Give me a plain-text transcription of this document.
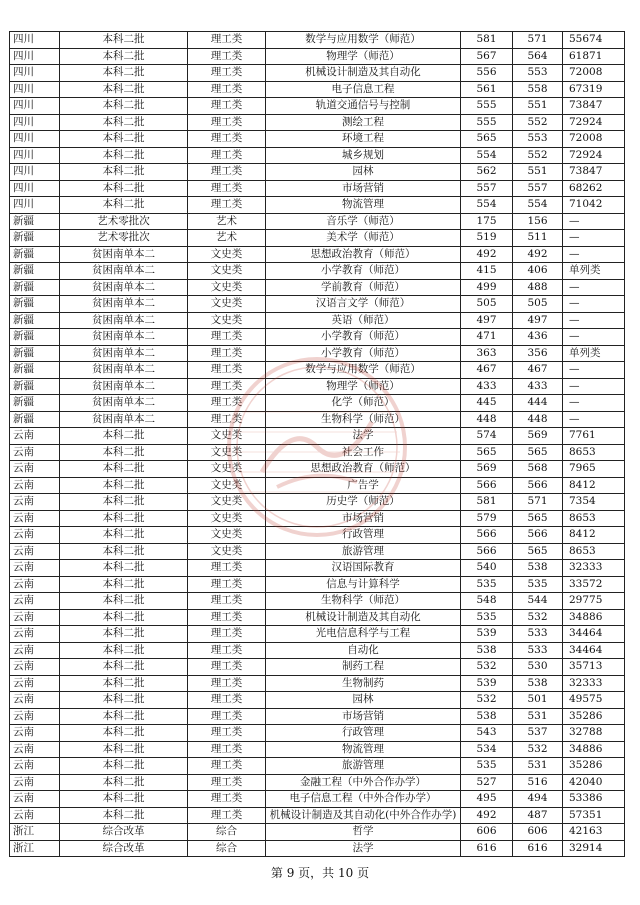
四川	本科二批	理工类	数学与应用数学（师范）	581	571	55674
四川	本科二批	理工类	物理学（师范）	567	564	61871
四川	本科二批	理工类	机械设计制造及其自动化	556	553	72008
四川	本科二批	理工类	电子信息工程	561	558	67319
四川	本科二批	理工类	轨道交通信号与控制	555	551	73847
四川	本科二批	理工类	测绘工程	555	552	72924
四川	本科二批	理工类	环境工程	565	553	72008
四川	本科二批	理工类	城乡规划	554	552	72924
四川	本科二批	理工类	园林	562	551	73847
四川	本科二批	理工类	市场营销	557	557	68262
四川	本科二批	理工类	物流管理	554	554	71042
新疆	艺术零批次	艺术	音乐学（师范）	175	156	—
新疆	艺术零批次	艺术	美术学（师范）	519	511	—
新疆	贫困南单本二	文史类	思想政治教育（师范）	492	492	—
新疆	贫困南单本二	文史类	小学教育（师范）	415	406	单列类
新疆	贫困南单本二	文史类	学前教育（师范）	499	488	—
新疆	贫困南单本二	文史类	汉语言文学（师范）	505	505	—
新疆	贫困南单本二	文史类	英语（师范）	497	497	—
新疆	贫困南单本二	理工类	小学教育（师范）	471	436	—
新疆	贫困南单本二	理工类	小学教育（师范）	363	356	单列类
新疆	贫困南单本二	理工类	数学与应用数学（师范）	467	467	—
新疆	贫困南单本二	理工类	物理学（师范）	433	433	—
新疆	贫困南单本二	理工类	化学（师范）	445	444	—
新疆	贫困南单本二	理工类	生物科学（师范）	448	448	—
云南	本科二批	文史类	法学	574	569	7761
云南	本科二批	文史类	社会工作	565	565	8653
云南	本科二批	文史类	思想政治教育（师范）	569	568	7965
云南	本科二批	文史类	广告学	566	566	8412
云南	本科二批	文史类	历史学（师范）	581	571	7354
云南	本科二批	文史类	市场营销	579	565	8653
云南	本科二批	文史类	行政管理	566	566	8412
云南	本科二批	文史类	旅游管理	566	565	8653
云南	本科二批	理工类	汉语国际教育	540	538	32333
云南	本科二批	理工类	信息与计算科学	535	535	33572
云南	本科二批	理工类	生物科学（师范）	548	544	29775
云南	本科二批	理工类	机械设计制造及其自动化	535	532	34886
云南	本科二批	理工类	光电信息科学与工程	539	533	34464
云南	本科二批	理工类	自动化	538	533	34464
云南	本科二批	理工类	制药工程	532	530	35713
云南	本科二批	理工类	生物制药	539	538	32333
云南	本科二批	理工类	园林	532	501	49575
云南	本科二批	理工类	市场营销	538	531	35286
云南	本科二批	理工类	行政管理	543	537	32788
云南	本科二批	理工类	物流管理	534	532	34886
云南	本科二批	理工类	旅游管理	535	531	35286
云南	本科二批	理工类	金融工程（中外合作办学）	527	516	42040
云南	本科二批	理工类	电子信息工程（中外合作办学）	495	494	53386
云南	本科二批	理工类	机械设计制造及其自动化(中外合作办学)	492	487	57351
浙江	综合改革	综合	哲学	606	606	42163
浙江	综合改革	综合	法学	616	616	32914
第 9 页，共 10 页
